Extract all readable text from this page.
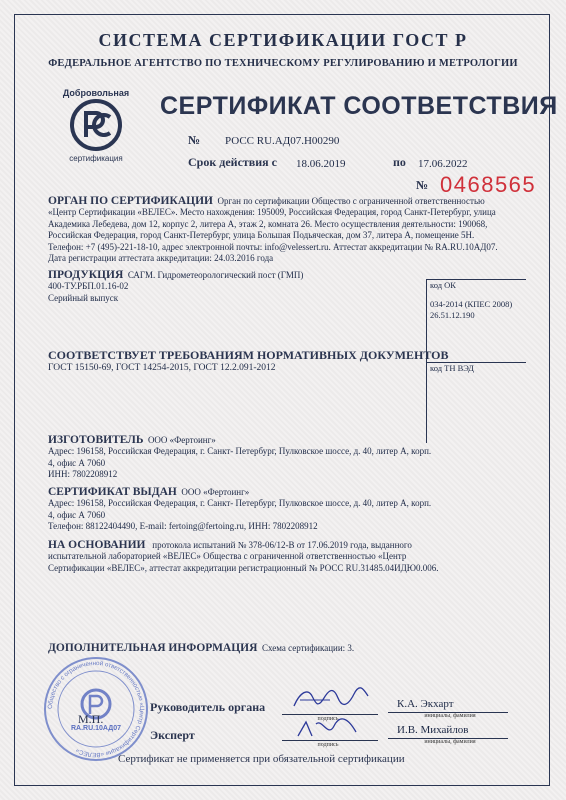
СИСТЕМА СЕРТИФИКАЦИИ ГОСТ Р
ФЕДЕРАЛЬНОЕ АГЕНТСТВО ПО ТЕХНИЧЕСКОМУ РЕГУЛИРОВАНИЮ И МЕТРОЛОГИИ
Добровольная
сертификация
СЕРТИФИКАТ СООТВЕТСТВИЯ
№ РОСС RU.АД07.Н00290
Срок действия с 18.06.2019	по 17.06.2022
№ 0468565
ОРГАН ПО СЕРТИФИКАЦИИ Орган по сертификации Общество с ограниченной ответственностью
«Центр Сертификации «ВЕЛЕС». Место нахождения: 195009, Российская Федерация, город Санкт-Петербург, улица
Академика Лебедева, дом 12, корпус 2, литера А, этаж 2, комната 26. Место осуществления деятельности: 190068,
Российская Федерация, город Санкт-Петербург, улица Большая Подьяческая, дом 37, литера А, помещение 5Н.
Телефон: +7 (495)-221-18-10, адрес электронной почты: info@velessert.ru. Аттестат аккредитации № RA.RU.10АД07.
Дата регистрации аттестата аккредитации: 24.03.2016 года
ПРОДУКЦИЯ САГМ. Гидрометеорологический пост (ГМП)
400-ТУ.РБП.01.16-02
Серийный выпуск
код ОК
034-2014 (КПЕС 2008)
26.51.12.190
СООТВЕТСТВУЕТ ТРЕБОВАНИЯМ НОРМАТИВНЫХ ДОКУМЕНТОВ
ГОСТ 15150-69, ГОСТ 14254-2015, ГОСТ 12.2.091-2012	код ТН ВЭД
ИЗГОТОВИТЕЛЬ ООО «Фертоинг»
Адрес: 196158, Российская Федерация, г. Санкт- Петербург, Пулковское шоссе, д. 40, литер А, корп.
4, офис А 7060
ИНН: 7802208912
СЕРТИФИКАТ ВЫДАН ООО «Фертоинг»
Адрес: 196158, Российская Федерация, г. Санкт- Петербург, Пулковское шоссе, д. 40, литер А, корп.
4, офис А 7060
Телефон: 88122404490, E-mail: fertoing@fertoing.ru, ИНН: 7802208912
НА ОСНОВАНИИ протокола испытаний № 378-06/12-В от 17.06.2019 года, выданного
испытательной лабораторией «ВЕЛЕС» Общества с ограниченной ответственностью «Центр
Сертификации «ВЕЛЕС», аттестат аккредитации регистрационный № РОСС RU.31485.04ИДЮ0.006.
ДОПОЛНИТЕЛЬНАЯ ИНФОРМАЦИЯ Схема сертификации: 3.
Общество с ограниченной ответственностью «Центр Сертификации «ВЕЛЕС»
RA.RU.10АД07
М.П.
Руководитель органа
подпись
К.А. Экхарт
инициалы, фамилия
Эксперт
подпись
И.В. Михайлов
инициалы, фамилия
Сертификат не применяется при обязательной сертификации
